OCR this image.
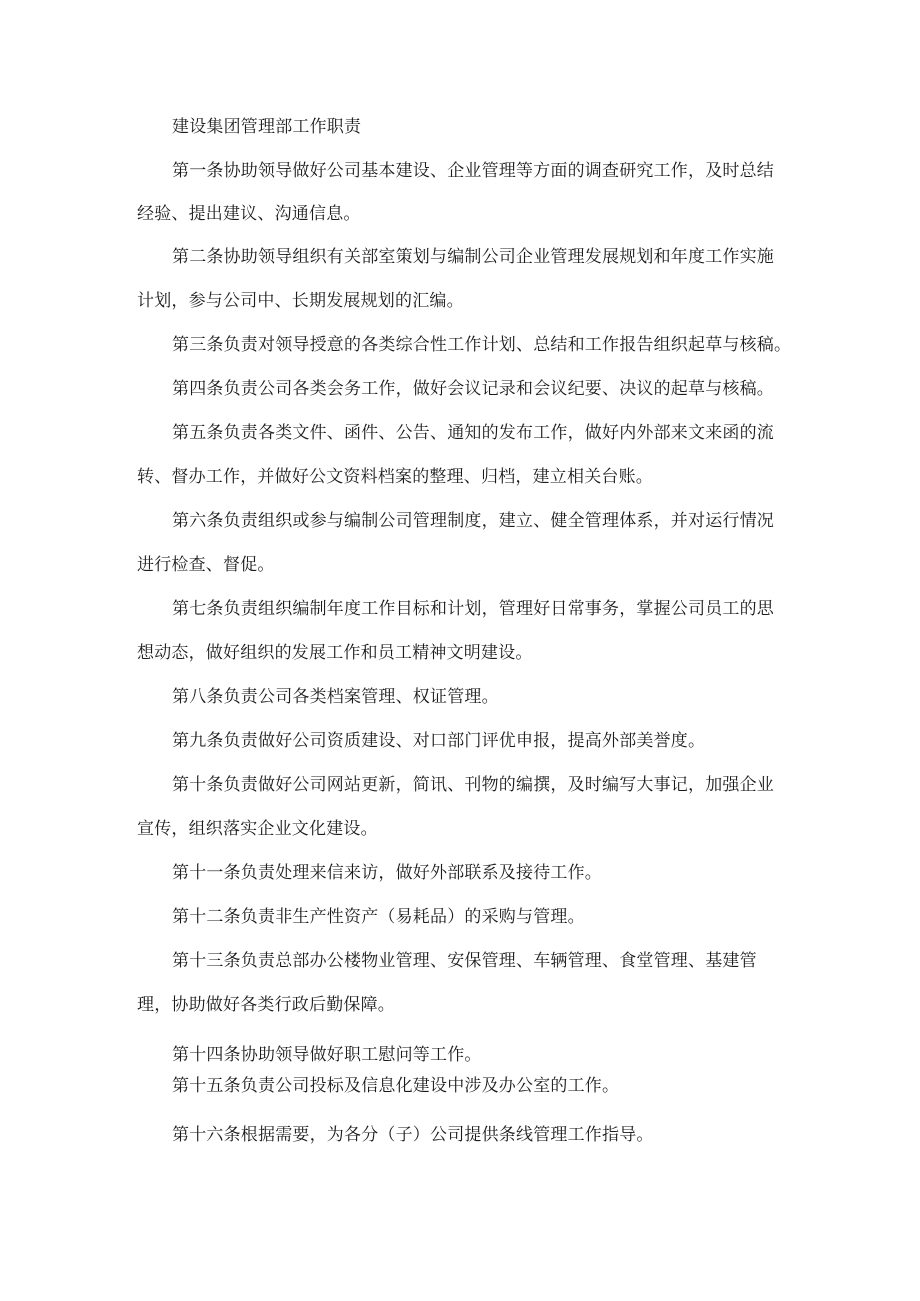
建设集团管理部工作职责
第一条协助领导做好公司基本建设、企业管理等方面的调查研究工作，及时总结
经验、提出建议、沟通信息。
第二条协助领导组织有关部室策划与编制公司企业管理发展规划和年度工作实施
计划，参与公司中、长期发展规划的汇编。
第三条负责对领导授意的各类综合性工作计划、总结和工作报告组织起草与核稿。
第四条负责公司各类会务工作，做好会议记录和会议纪要、决议的起草与核稿。
第五条负责各类文件、函件、公告、通知的发布工作，做好内外部来文来函的流
转、督办工作，并做好公文资料档案的整理、归档，建立相关台账。
第六条负责组织或参与编制公司管理制度，建立、健全管理体系，并对运行情况
进行检查、督促。
第七条负责组织编制年度工作目标和计划，管理好日常事务，掌握公司员工的思
想动态，做好组织的发展工作和员工精神文明建设。
第八条负责公司各类档案管理、权证管理。
第九条负责做好公司资质建设、对口部门评优申报，提高外部美誉度。
第十条负责做好公司网站更新，简讯、刊物的编撰，及时编写大事记，加强企业
宣传，组织落实企业文化建设。
第十一条负责处理来信来访，做好外部联系及接待工作。
第十二条负责非生产性资产（易耗品）的采购与管理。
第十三条负责总部办公楼物业管理、安保管理、车辆管理、食堂管理、基建管
理，协助做好各类行政后勤保障。
第十四条协助领导做好职工慰问等工作。
第十五条负责公司投标及信息化建设中涉及办公室的工作。
第十六条根据需要，为各分（子）公司提供条线管理工作指导。
